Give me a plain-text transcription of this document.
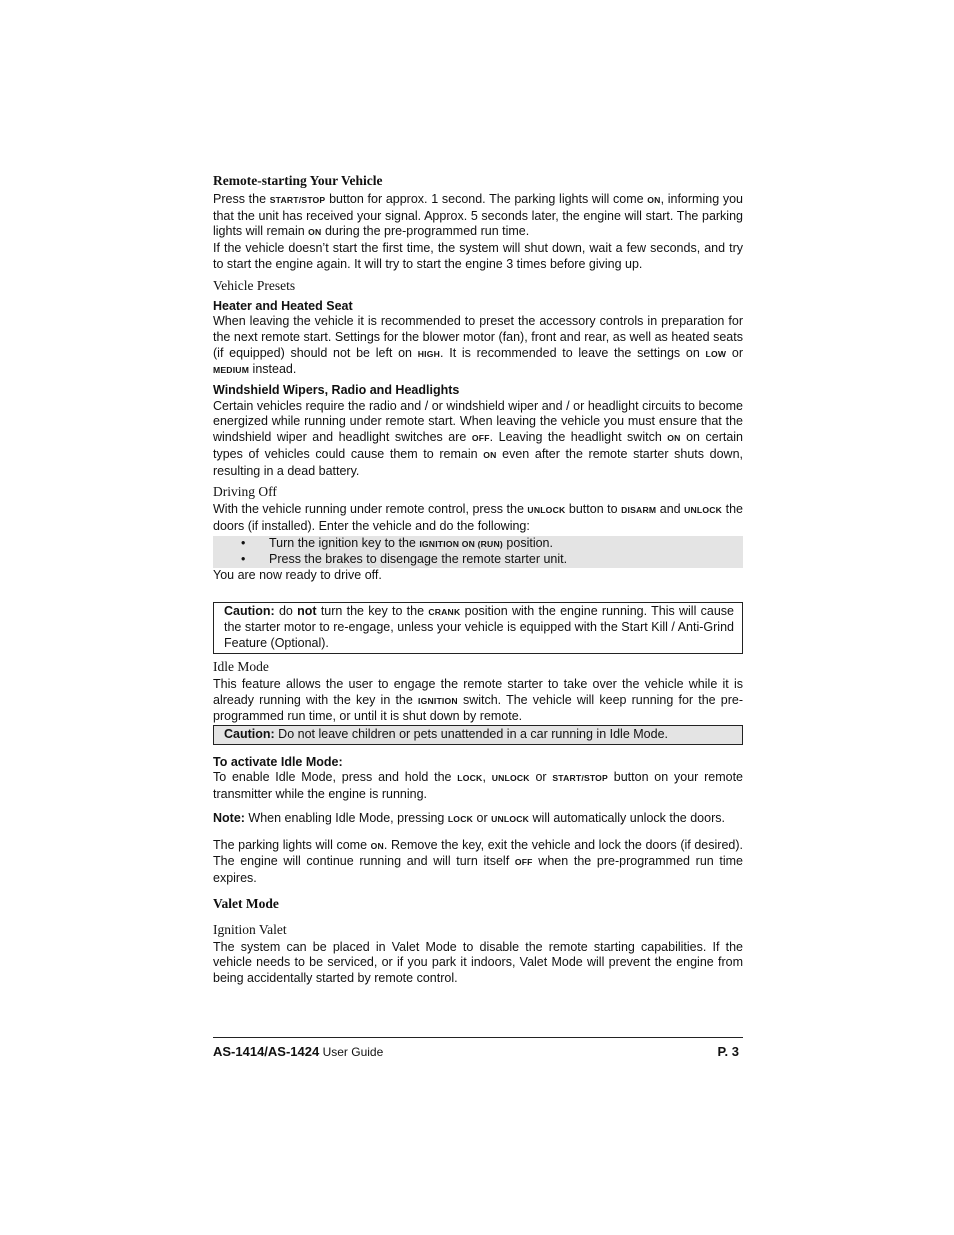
Remote-starting Your Vehicle

Press the START/STOP button for approx. 1 second. The parking lights will come ON, informing you that the unit has received your signal. Approx. 5 seconds later, the engine will start. The parking lights will remain ON during the pre-programmed run time.

If the vehicle doesn’t start the first time, the system will shut down, wait a few seconds, and try to start the engine again. It will try to start the engine 3 times before giving up.

Vehicle Presets
Heater and Heated Seat

When leaving the vehicle it is recommended to preset the accessory controls in preparation for the next remote start. Settings for the blower motor (fan), front and rear, as well as heated seats (if equipped) should not be left on HIGH. It is recommended to leave the settings on LOW or MEDIUM instead.

Windshield Wipers, Radio and Headlights

Certain vehicles require the radio and / or windshield wiper and / or headlight circuits to become energized while running under remote start. When leaving the vehicle you must ensure that the windshield wiper and headlight switches are OFF. Leaving the headlight switch ON on certain types of vehicles could cause them to remain ON even after the remote starter shuts down, resulting in a dead battery.

Driving Off

With the vehicle running under remote control, press the UNLOCK button to DISARM and UNLOCK the doors (if installed). Enter the vehicle and do the following:

• Turn the ignition key to the IGNITION ON (RUN) position.
• Press the brakes to disengage the remote starter unit.

You are now ready to drive off.

Caution: do not turn the key to the CRANK position with the engine running. This will cause the starter motor to re-engage, unless your vehicle is equipped with the Start Kill / Anti-Grind Feature (Optional).

Idle Mode

This feature allows the user to engage the remote starter to take over the vehicle while it is already running with the key in the IGNITION switch. The vehicle will keep running for the pre-programmed run time, or until it is shut down by remote.

Caution: Do not leave children or pets unattended in a car running in Idle Mode.

To activate Idle Mode:

To enable Idle Mode, press and hold the LOCK, UNLOCK or START/STOP button on your remote transmitter while the engine is running.

Note: When enabling Idle Mode, pressing LOCK or UNLOCK will automatically unlock the doors.

The parking lights will come ON. Remove the key, exit the vehicle and lock the doors (if desired). The engine will continue running and will turn itself OFF when the pre-programmed run time expires.

Valet Mode
Ignition Valet

The system can be placed in Valet Mode to disable the remote starting capabilities. If the vehicle needs to be serviced, or if you park it indoors, Valet Mode will prevent the engine from being accidentally started by remote control.

AS-1414/AS-1424 User Guide	P. 3
